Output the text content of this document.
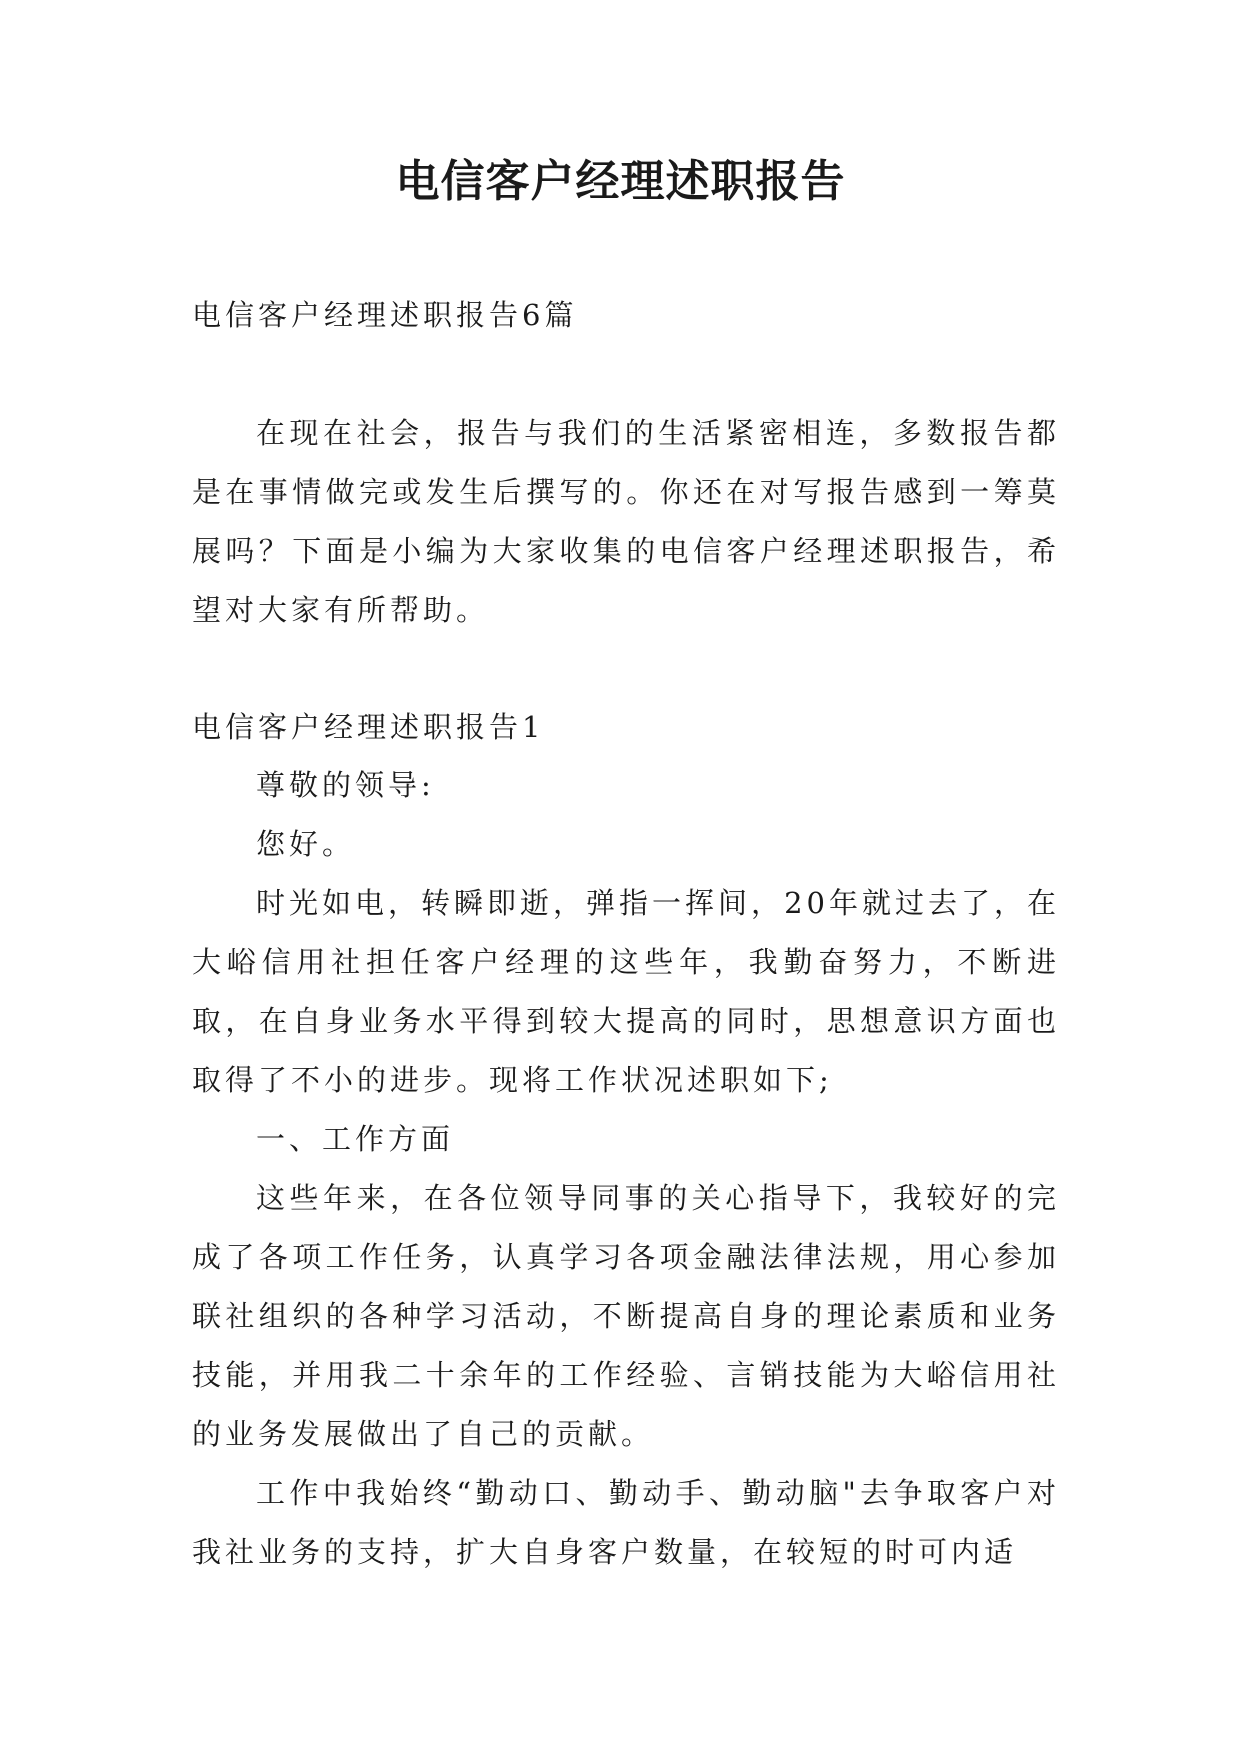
电信客户经理述职报告

电信客户经理述职报告6篇

在现在社会，报告与我们的生活紧密相连，多数报告都是在事情做完或发生后撰写的。你还在对写报告感到一筹莫展吗？下面是小编为大家收集的电信客户经理述职报告，希望对大家有所帮助。

电信客户经理述职报告1

尊敬的领导:

您好。

时光如电，转瞬即逝，弹指一挥间，20年就过去了，在大峪信用社担任客户经理的这些年，我勤奋努力，不断进取，在自身业务水平得到较大提高的同时，思想意识方面也取得了不小的进步。现将工作状况述职如下;

一、工作方面

这些年来，在各位领导同事的关心指导下，我较好的完成了各项工作任务，认真学习各项金融法律法规，用心参加联社组织的各种学习活动，不断提高自身的理论素质和业务技能，并用我二十余年的工作经验、言销技能为大峪信用社的业务发展做出了自己的贡献。

工作中我始终“勤动口、勤动手、勤动脑"去争取客户对我社业务的支持，扩大自身客户数量，在较短的时可内适
